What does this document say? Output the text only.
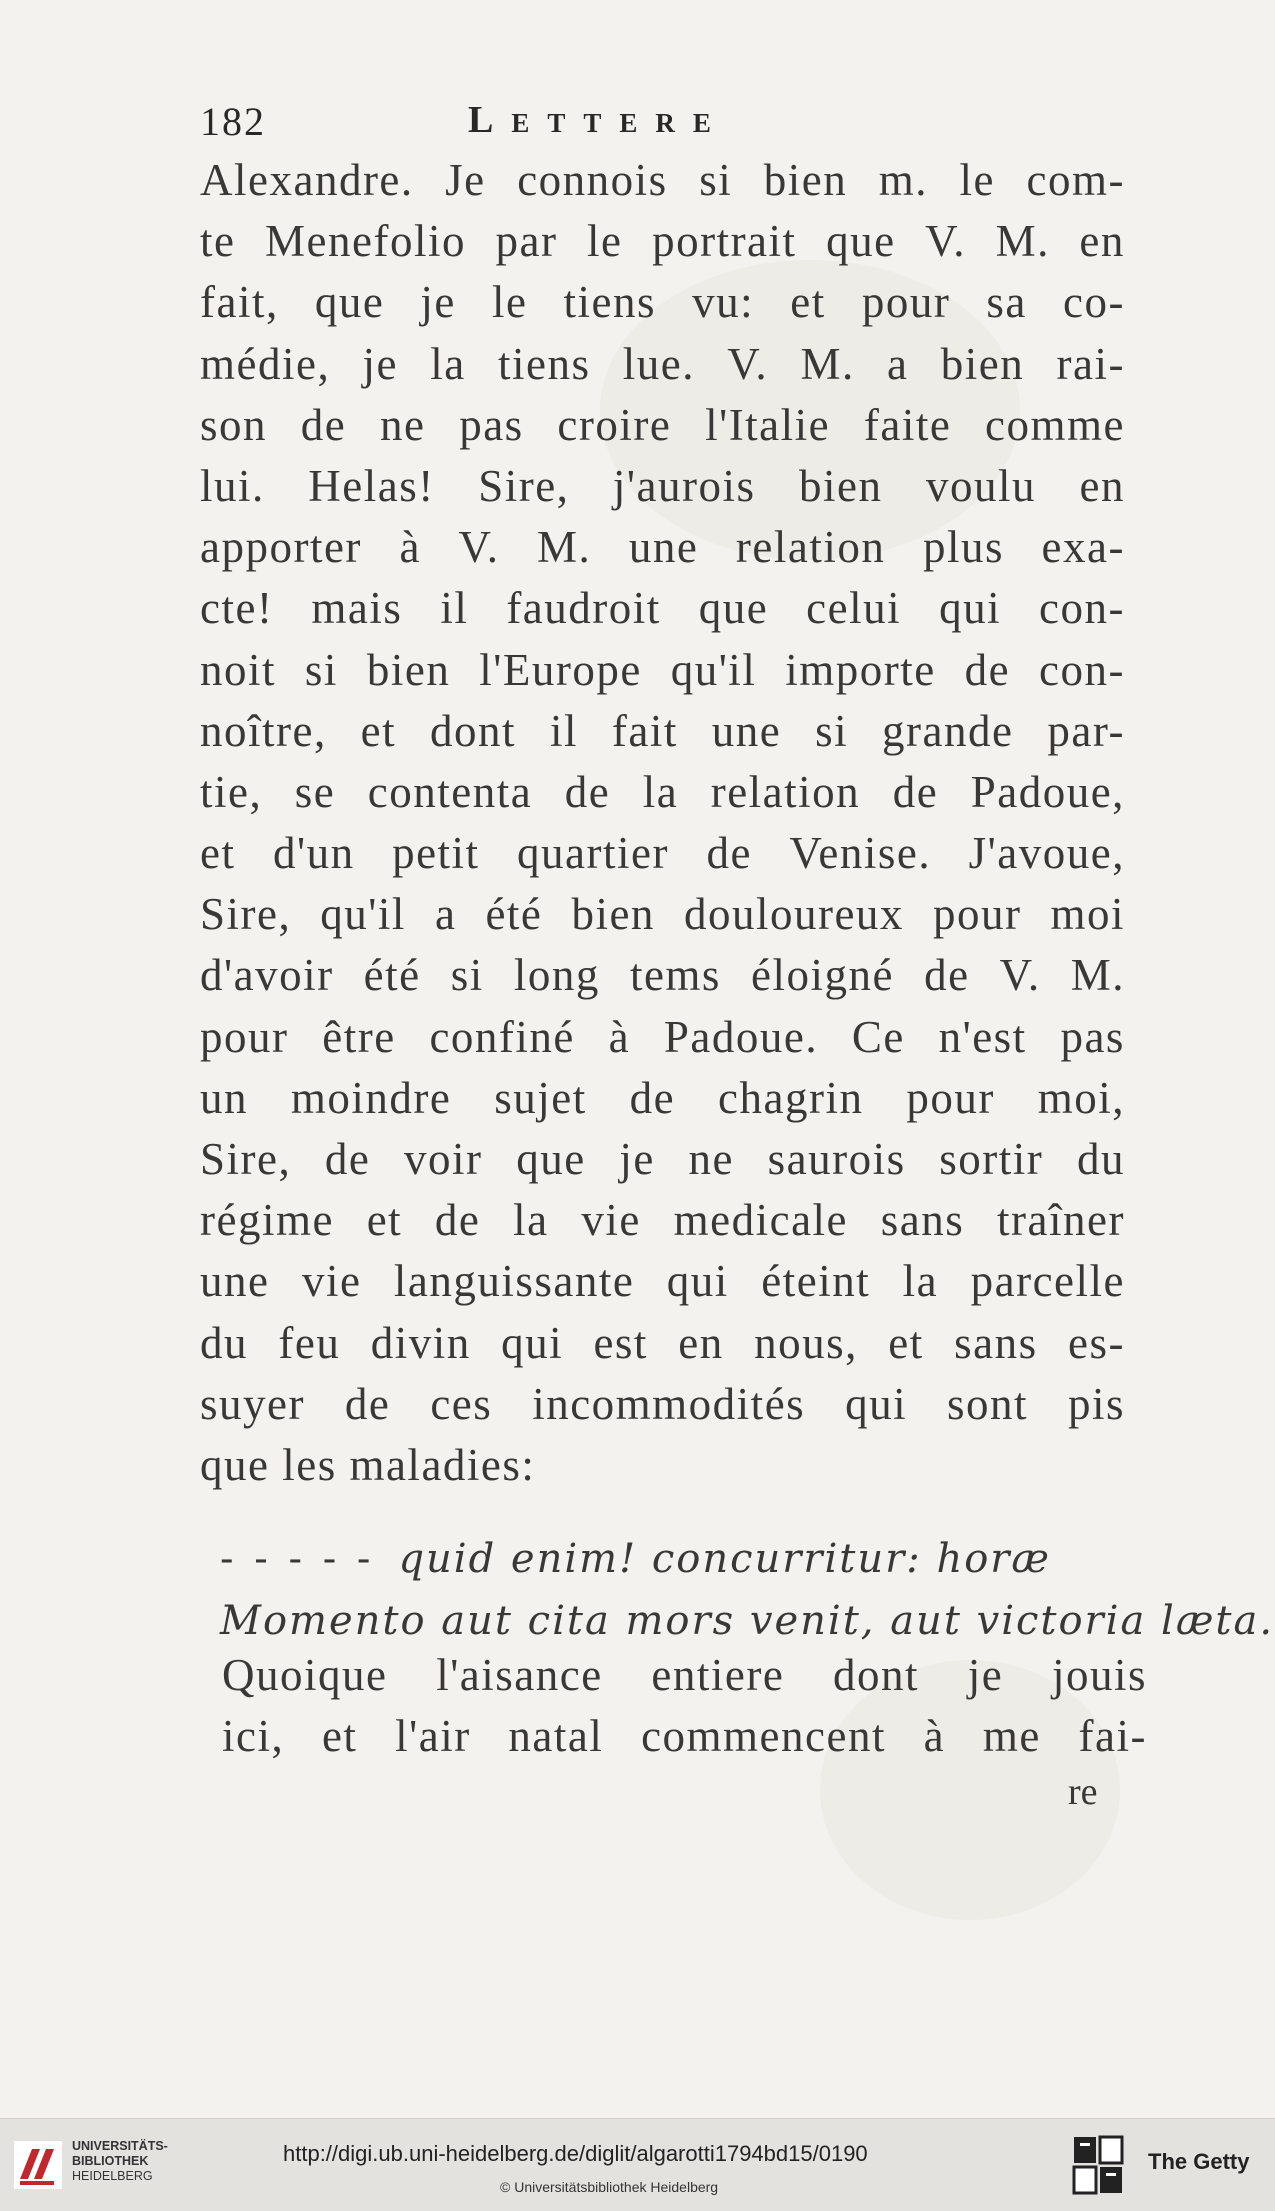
182	Lettere
Alexandre. Je connois si bien m. le com-
te Menefolio par le portrait que V. M. en
fait, que je le tiens vu: et pour sa co-
médie, je la tiens lue. V. M. a bien rai-
son de ne pas croire l'Italie faite comme
lui. Helas! Sire, j'aurois bien voulu en
apporter à V. M. une relation plus exa-
cte! mais il faudroit que celui qui con-
noit si bien l'Europe qu'il importe de con-
noître, et dont il fait une si grande par-
tie, se contenta de la relation de Padoue,
et d'un petit quartier de Venise. J'avoue,
Sire, qu'il a été bien douloureux pour moi
d'avoir été si long tems éloigné de V. M.
pour être confiné à Padoue. Ce n'est pas
un moindre sujet de chagrin pour moi,
Sire, de voir que je ne saurois sortir du
régime et de la vie medicale sans traîner
une vie languissante qui éteint la parcelle
du feu divin qui est en nous, et sans es-
suyer de ces incommodités qui sont pis
que les maladies:
- - - - - quid enim! concurritur: horæ
Momento aut cita mors venit, aut victoria læta.
Quoique l'aisance entiere dont je jouis
ici, et l'air natal commencent à me fai-
re
UNIVERSITÄTS-
BIBLIOTHEK
HEIDELBERG
http://digi.ub.uni-heidelberg.de/diglit/algarotti1794bd15/0190
© Universitätsbibliothek Heidelberg
The Getty
